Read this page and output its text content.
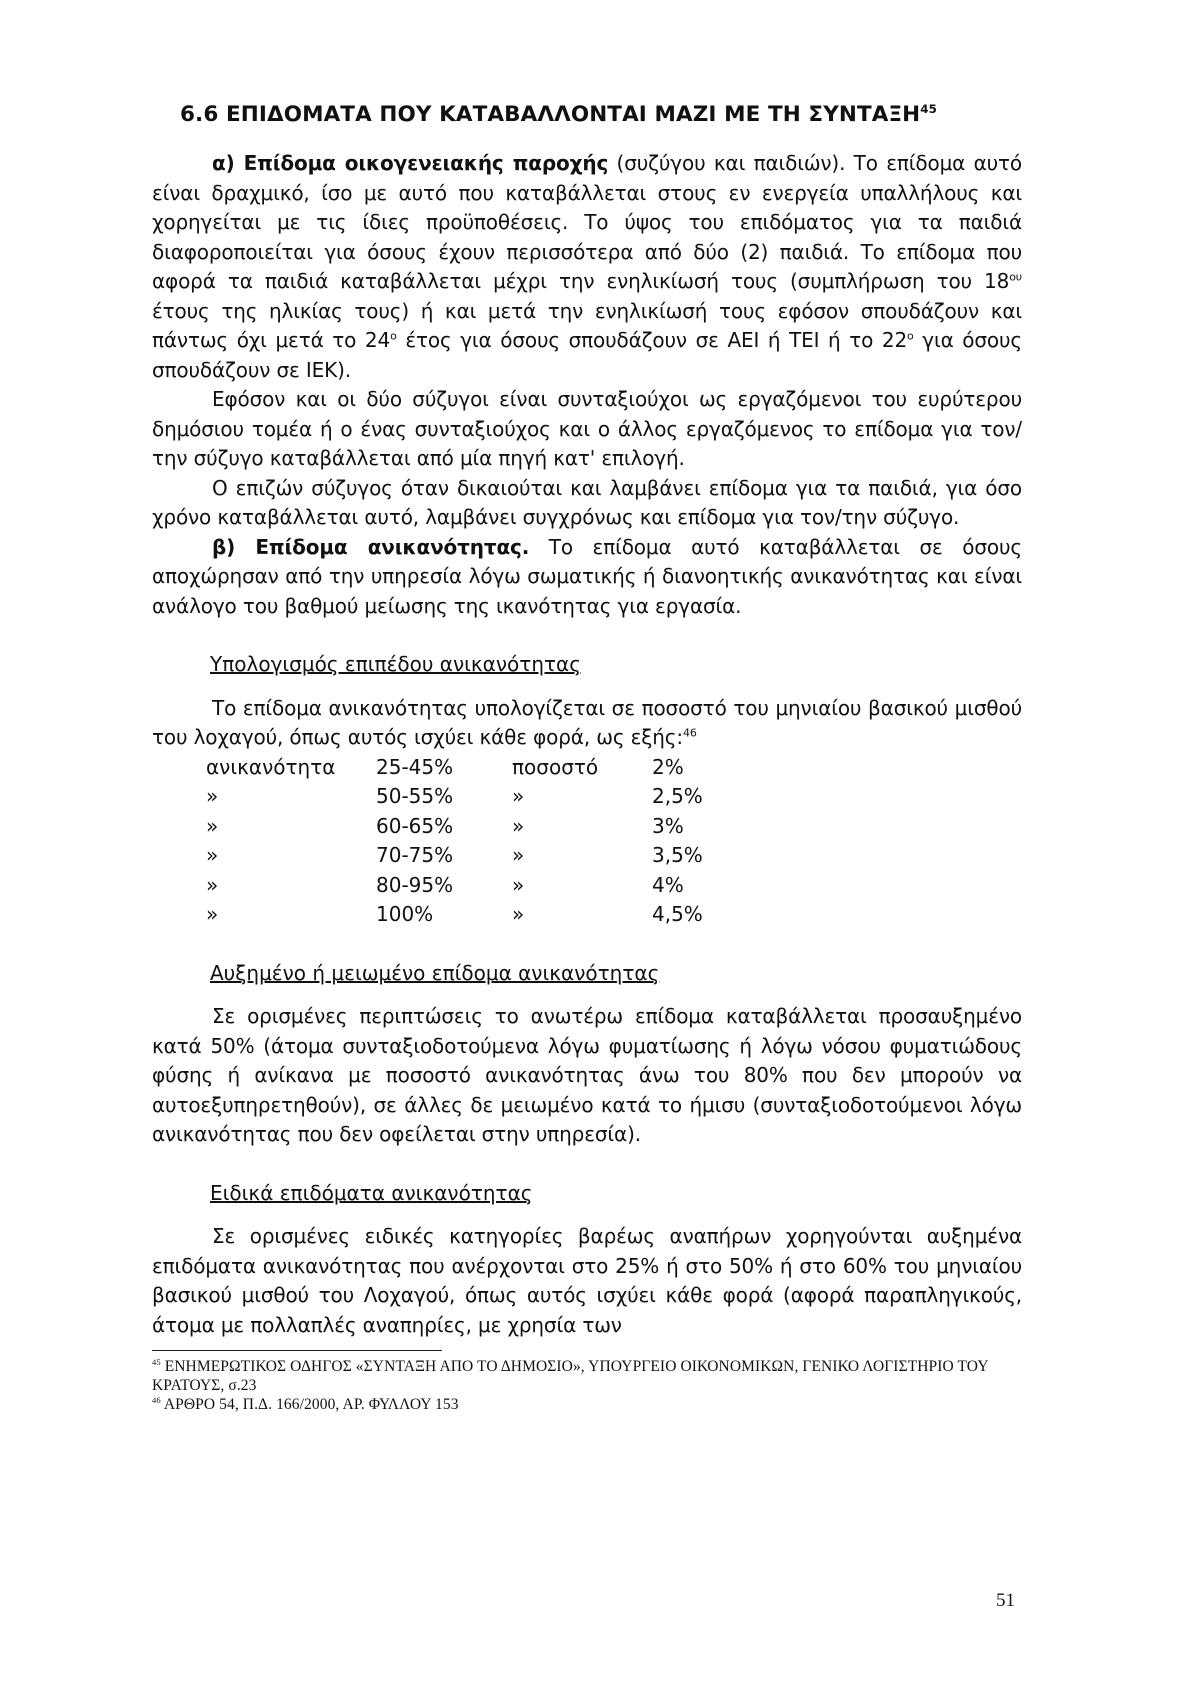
6.6 ΕΠΙΔΟΜΑΤΑ ΠΟΥ ΚΑΤΑΒΑΛΛΟΝΤΑΙ ΜΑΖΙ ΜΕ ΤΗ ΣΥΝΤΑΞΗ$^{45}$

α) Επίδομα οικογενειακής παροχής (συζύγου και παιδιών). Το επίδομα αυτό είναι δραχμικό, ίσο με αυτό που καταβάλλεται στους εν ενεργεία υπαλλήλους και χορηγείται με τις ίδιες προϋποθέσεις. Το ύψος του επιδόματος για τα παιδιά διαφοροποιείται για όσους έχουν περισσότερα από δύο (2) παιδιά. Το επίδομα που αφορά τα παιδιά καταβάλλεται μέχρι την ενηλικίωσή τους (συμπλήρωση του $18^{o\upsilon}$ έτους της ηλικίας τους) ή και μετά την ενηλικίωσή τους εφόσον σπουδάζουν και πάντως όχι μετά το $24^o$ έτος για όσους σπουδάζουν σε ΑΕΙ ή ΤΕΙ ή το $22^o$ για όσους σπουδάζουν σε ΙΕΚ).

Εφόσον και οι δύο σύζυγοι είναι συνταξιούχοι ως εργαζόμενοι του ευρύτερου δημόσιου τομέα ή ο ένας συνταξιούχος και ο άλλος εργαζόμενος το επίδομα για τον/την σύζυγο καταβάλλεται από μία πηγή κατ' επιλογή.

Ο επιζών σύζυγος όταν δικαιούται και λαμβάνει επίδομα για τα παιδιά, για όσο χρόνο καταβάλλεται αυτό, λαμβάνει συγχρόνως και επίδομα για τον/την σύζυγο.

β) Επίδομα ανικανότητας. Το επίδομα αυτό καταβάλλεται σε όσους αποχώρησαν από την υπηρεσία λόγω σωματικής ή διανοητικής ανικανότητας και είναι ανάλογο του βαθμού μείωσης της ικανότητας για εργασία.

Υπολογισμός επιπέδου ανικανότητας

Το επίδομα ανικανότητας υπολογίζεται σε ποσοστό του μηνιαίου βασικού μισθού του λοχαγού, όπως αυτός ισχύει κάθε φορά, ως εξής:$^{46}$

ανικανότητα	25-45%	ποσοστό	2%
»	50-55%	»	2,5%
»	60-65%	»	3%
»	70-75%	»	3,5%
»	80-95%	»	4%
»	100%	»	4,5%

Αυξημένο ή μειωμένο επίδομα ανικανότητας

Σε ορισμένες περιπτώσεις το ανωτέρω επίδομα καταβάλλεται προσαυξημένο κατά 50% (άτομα συνταξιοδοτούμενα λόγω φυματίωσης ή λόγω νόσου φυματιώδους φύσης ή ανίκανα με ποσοστό ανικανότητας άνω του 80% που δεν μπορούν να αυτοεξυπηρετηθούν), σε άλλες δε μειωμένο κατά το ήμισυ (συνταξιοδοτούμενοι λόγω ανικανότητας που δεν οφείλεται στην υπηρεσία).

Ειδικά επιδόματα ανικανότητας

Σε ορισμένες ειδικές κατηγορίες βαρέως αναπήρων χορηγούνται αυξημένα επιδόματα ανικανότητας που ανέρχονται στο 25% ή στο 50% ή στο 60% του μηνιαίου βασικού μισθού του Λοχαγού, όπως αυτός ισχύει κάθε φορά (αφορά παραπληγικούς, άτομα με πολλαπλές αναπηρίες, με χρησία των

$^{45}$ ΕΝΗΜΕΡΩΤΙΚΟΣ ΟΔΗΓΟΣ «ΣΥΝΤΑΞΗ ΑΠΟ ΤΟ ΔΗΜΟΣΙΟ», ΥΠΟΥΡΓΕΙΟ ΟΙΚΟΝΟΜΙΚΩΝ, ΓΕΝΙΚΟ ΛΟΓΙΣΤΗΡΙΟ ΤΟΥ ΚΡΑΤΟΥΣ, σ.23
$^{46}$ ΑΡΘΡΟ 54, Π.Δ. 166/2000, ΑΡ. ΦΥΛΛΟΥ 153
51
